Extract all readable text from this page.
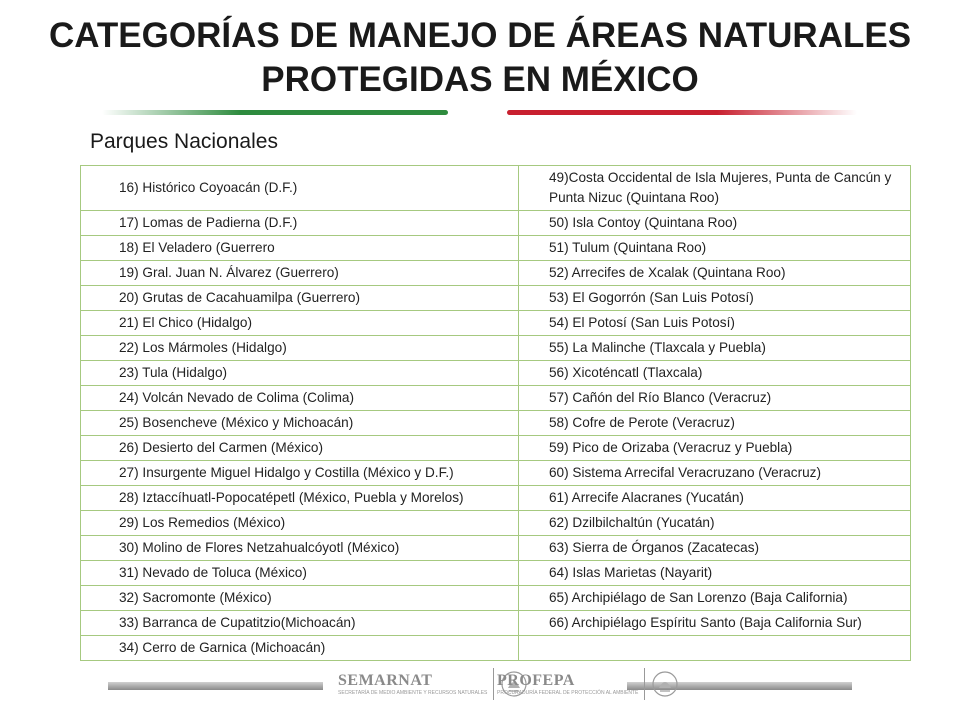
CATEGORÍAS DE MANEJO DE ÁREAS NATURALES
PROTEGIDAS EN MÉXICO
Parques Nacionales
16) Histórico Coyoacán (D.F.)	49)Costa Occidental de Isla Mujeres, Punta de Cancún y Punta Nizuc (Quintana Roo)
17) Lomas de Padierna (D.F.)	50) Isla Contoy (Quintana Roo)
18) El Veladero (Guerrero	51) Tulum (Quintana Roo)
19) Gral. Juan N. Álvarez (Guerrero)	52) Arrecifes de Xcalak (Quintana Roo)
20) Grutas de Cacahuamilpa (Guerrero)	53) El Gogorrón (San Luis Potosí)
21) El Chico (Hidalgo)	54) El Potosí (San Luis Potosí)
22) Los Mármoles (Hidalgo)	55) La Malinche (Tlaxcala y Puebla)
23) Tula (Hidalgo)	56) Xicoténcatl (Tlaxcala)
24) Volcán Nevado de Colima (Colima)	57) Cañón del Río Blanco (Veracruz)
25) Bosencheve (México y Michoacán)	58) Cofre de Perote (Veracruz)
26) Desierto del Carmen (México)	59) Pico de Orizaba (Veracruz y Puebla)
27) Insurgente Miguel Hidalgo y Costilla (México y D.F.)	60) Sistema Arrecifal Veracruzano (Veracruz)
28) Iztaccíhuatl-Popocatépetl (México, Puebla y Morelos)	61) Arrecife Alacranes (Yucatán)
29) Los Remedios (México)	62) Dzilbilchaltún (Yucatán)
30) Molino de Flores Netzahualcóyotl (México)	63) Sierra de Órganos (Zacatecas)
31) Nevado de Toluca (México)	64) Islas Marietas (Nayarit)
32) Sacromonte (México)	65) Archipiélago de San Lorenzo (Baja California)
33) Barranca de Cupatitzio(Michoacán)	66) Archipiélago Espíritu Santo (Baja California Sur)
34) Cerro de Garnica (Michoacán)	
SEMARNAT
SECRETARÍA DE MEDIO AMBIENTE Y RECURSOS NATURALES
PROFEPA
PROCURADURÍA FEDERAL DE PROTECCIÓN AL AMBIENTE
